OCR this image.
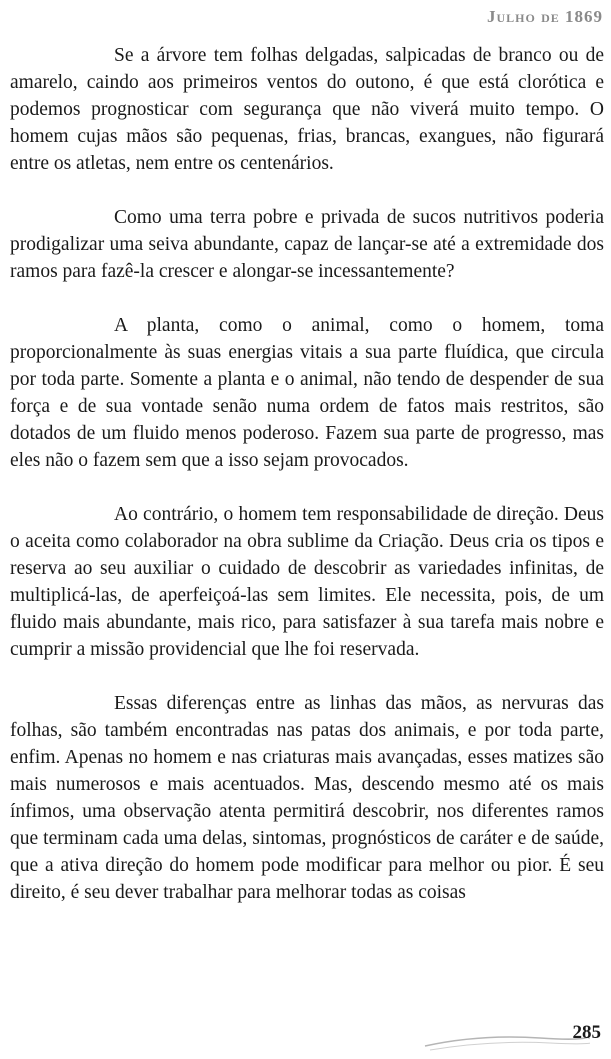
Julho de 1869

Se a árvore tem folhas delgadas, salpicadas de branco ou de amarelo, caindo aos primeiros ventos do outono, é que está clorótica e podemos prognosticar com segurança que não viverá muito tempo. O homem cujas mãos são pequenas, frias, brancas, exangues, não figurará entre os atletas, nem entre os centenários.

Como uma terra pobre e privada de sucos nutritivos poderia prodigalizar uma seiva abundante, capaz de lançar-se até a extremidade dos ramos para fazê-la crescer e alongar-se incessantemente?

A planta, como o animal, como o homem, toma proporcionalmente às suas energias vitais a sua parte fluídica, que circula por toda parte. Somente a planta e o animal, não tendo de despender de sua força e de sua vontade senão numa ordem de fatos mais restritos, são dotados de um fluido menos poderoso. Fazem sua parte de progresso, mas eles não o fazem sem que a isso sejam provocados.

Ao contrário, o homem tem responsabilidade de direção. Deus o aceita como colaborador na obra sublime da Criação. Deus cria os tipos e reserva ao seu auxiliar o cuidado de descobrir as variedades infinitas, de multiplicá-las, de aperfeiçoá-las sem limites. Ele necessita, pois, de um fluido mais abundante, mais rico, para satisfazer à sua tarefa mais nobre e cumprir a missão providencial que lhe foi reservada.

Essas diferenças entre as linhas das mãos, as nervuras das folhas, são também encontradas nas patas dos animais, e por toda parte, enfim. Apenas no homem e nas criaturas mais avançadas, esses matizes são mais numerosos e mais acentuados. Mas, descendo mesmo até os mais ínfimos, uma observação atenta permitirá descobrir, nos diferentes ramos que terminam cada uma delas, sintomas, prognósticos de caráter e de saúde, que a ativa direção do homem pode modificar para melhor ou pior. É seu direito, é seu dever trabalhar para melhorar todas as coisas

285
